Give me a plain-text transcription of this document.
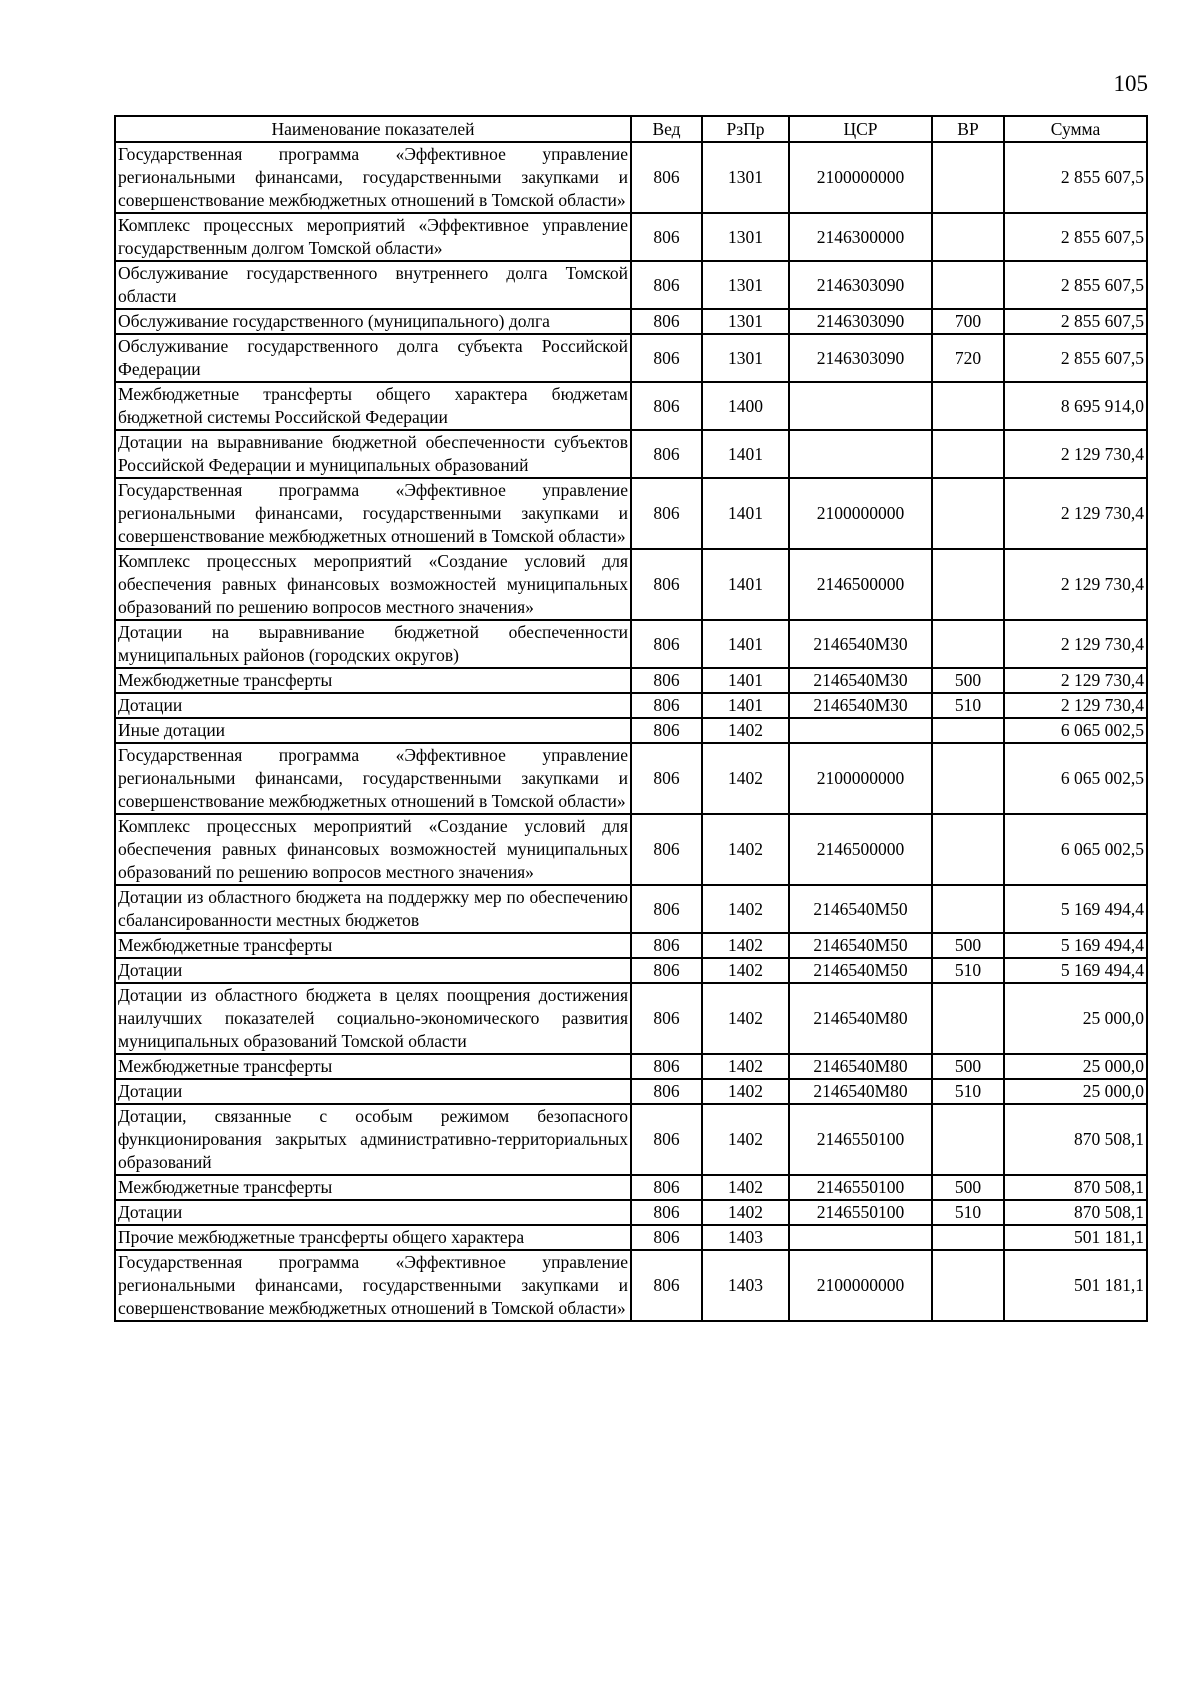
105
Наименование показателей	Вед	РзПр	ЦСР	ВР	Сумма
Государственная программа «Эффективное управление региональными финансами, государственными закупками и совершенствование межбюджетных отношений в Томской области»	806	1301	2100000000		2 855 607,5
Комплекс процессных мероприятий «Эффективное управление государственным долгом Томской области»	806	1301	2146300000		2 855 607,5
Обслуживание государственного внутреннего долга Томской области	806	1301	2146303090		2 855 607,5
Обслуживание государственного (муниципального) долга	806	1301	2146303090	700	2 855 607,5
Обслуживание государственного долга субъекта Российской Федерации	806	1301	2146303090	720	2 855 607,5
Межбюджетные трансферты общего характера бюджетам бюджетной системы Российской Федерации	806	1400			8 695 914,0
Дотации на выравнивание бюджетной обеспеченности субъектов Российской Федерации и муниципальных образований	806	1401			2 129 730,4
Государственная программа «Эффективное управление региональными финансами, государственными закупками и совершенствование межбюджетных отношений в Томской области»	806	1401	2100000000		2 129 730,4
Комплекс процессных мероприятий «Создание условий для обеспечения равных финансовых возможностей муниципальных образований по решению вопросов местного значения»	806	1401	2146500000		2 129 730,4
Дотации на выравнивание бюджетной обеспеченности муниципальных районов (городских округов)	806	1401	2146540М30		2 129 730,4
Межбюджетные трансферты	806	1401	2146540М30	500	2 129 730,4
Дотации	806	1401	2146540М30	510	2 129 730,4
Иные дотации	806	1402			6 065 002,5
Государственная программа «Эффективное управление региональными финансами, государственными закупками и совершенствование межбюджетных отношений в Томской области»	806	1402	2100000000		6 065 002,5
Комплекс процессных мероприятий «Создание условий для обеспечения равных финансовых возможностей муниципальных образований по решению вопросов местного значения»	806	1402	2146500000		6 065 002,5
Дотации из областного бюджета на поддержку мер по обеспечению сбалансированности местных бюджетов	806	1402	2146540М50		5 169 494,4
Межбюджетные трансферты	806	1402	2146540М50	500	5 169 494,4
Дотации	806	1402	2146540М50	510	5 169 494,4
Дотации из областного бюджета в целях поощрения достижения наилучших показателей социально-экономического развития муниципальных образований Томской области	806	1402	2146540М80		25 000,0
Межбюджетные трансферты	806	1402	2146540М80	500	25 000,0
Дотации	806	1402	2146540М80	510	25 000,0
Дотации, связанные с особым режимом безопасного функционирования закрытых административно-территориальных образований	806	1402	2146550100		870 508,1
Межбюджетные трансферты	806	1402	2146550100	500	870 508,1
Дотации	806	1402	2146550100	510	870 508,1
Прочие межбюджетные трансферты общего характера	806	1403			501 181,1
Государственная программа «Эффективное управление региональными финансами, государственными закупками и совершенствование межбюджетных отношений в Томской области»	806	1403	2100000000		501 181,1
